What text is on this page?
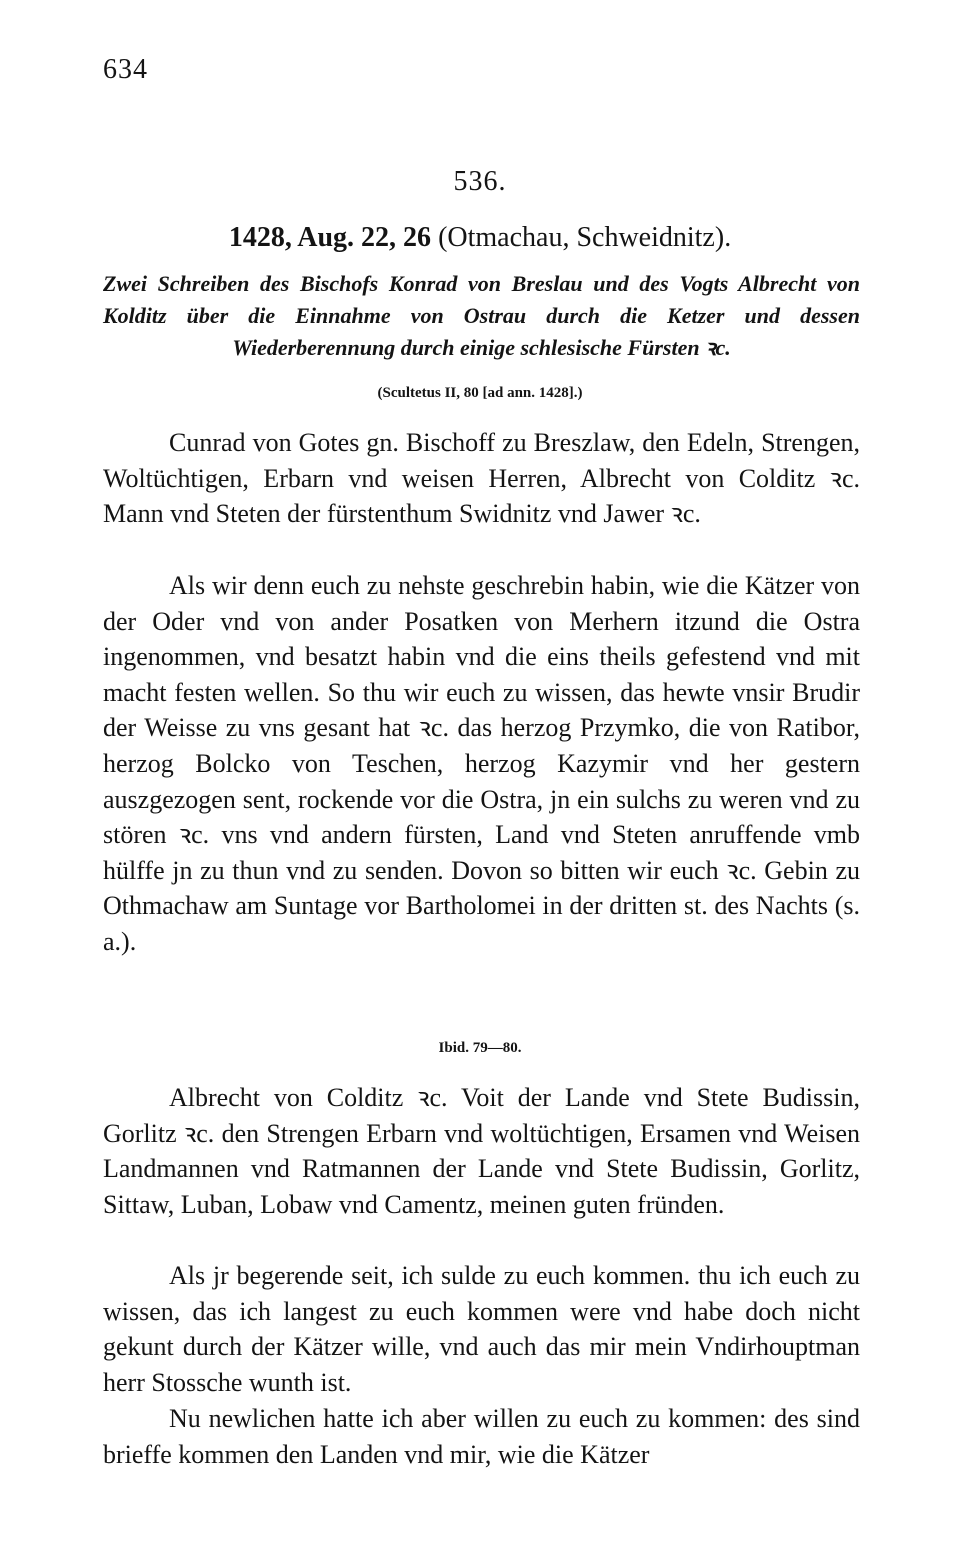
634
536.
1428, Aug. 22, 26 (Otmachau, Schweidnitz).
Zwei Schreiben des Bischofs Konrad von Breslau und des Vogts Albrecht von Kolditz über die Einnahme von Ostrau durch die Ketzer und dessen Wiederberennung durch einige schlesische Fürsten ꝛc.
(Scultetus II, 80 [ad ann. 1428].)

Cunrad von Gotes gn. Bischoff zu Breszlaw, den Edeln, Strengen, Woltüchtigen, Erbarn vnd weisen Herren, Albrecht von Colditz ꝛc. Mann vnd Steten der fürstenthum Swidnitz vnd Jawer ꝛc.

Als wir denn euch zu nehste geschrebin habin, wie die Kätzer von der Oder vnd von ander Posatken von Merhern itzund die Ostra ingenommen, vnd besatzt habin vnd die eins theils gefestend vnd mit macht festen wellen. So thu wir euch zu wissen, das hewte vnsir Brudir der Weisse zu vns gesant hat ꝛc. das herzog Przymko, die von Ratibor, herzog Bolcko von Teschen, herzog Kazymir vnd her gestern auszgezogen sent, rockende vor die Ostra, jn ein sulchs zu weren vnd zu stören ꝛc. vns vnd andern fürsten, Land vnd Steten anruffende vmb hülffe jn zu thun vnd zu senden. Dovon so bitten wir euch ꝛc. Gebin zu Othmachaw am Suntage vor Bartholomei in der dritten st. des Nachts (s. a.).

Ibid. 79—80.

Albrecht von Colditz ꝛc. Voit der Lande vnd Stete Budissin, Gorlitz ꝛc. den Strengen Erbarn vnd woltüchtigen, Ersamen vnd Weisen Landmannen vnd Ratmannen der Lande vnd Stete Budissin, Gorlitz, Sittaw, Luban, Lobaw vnd Camentz, meinen guten fründen.

Als jr begerende seit, ich sulde zu euch kommen. thu ich euch zu wissen, das ich langest zu euch kommen were vnd habe doch nicht gekunt durch der Kätzer wille, vnd auch das mir mein Vndirhouptman herr Stossche wunth ist.

Nu newlichen hatte ich aber willen zu euch zu kommen: des sind brieffe kommen den Landen vnd mir, wie die Kätzer
